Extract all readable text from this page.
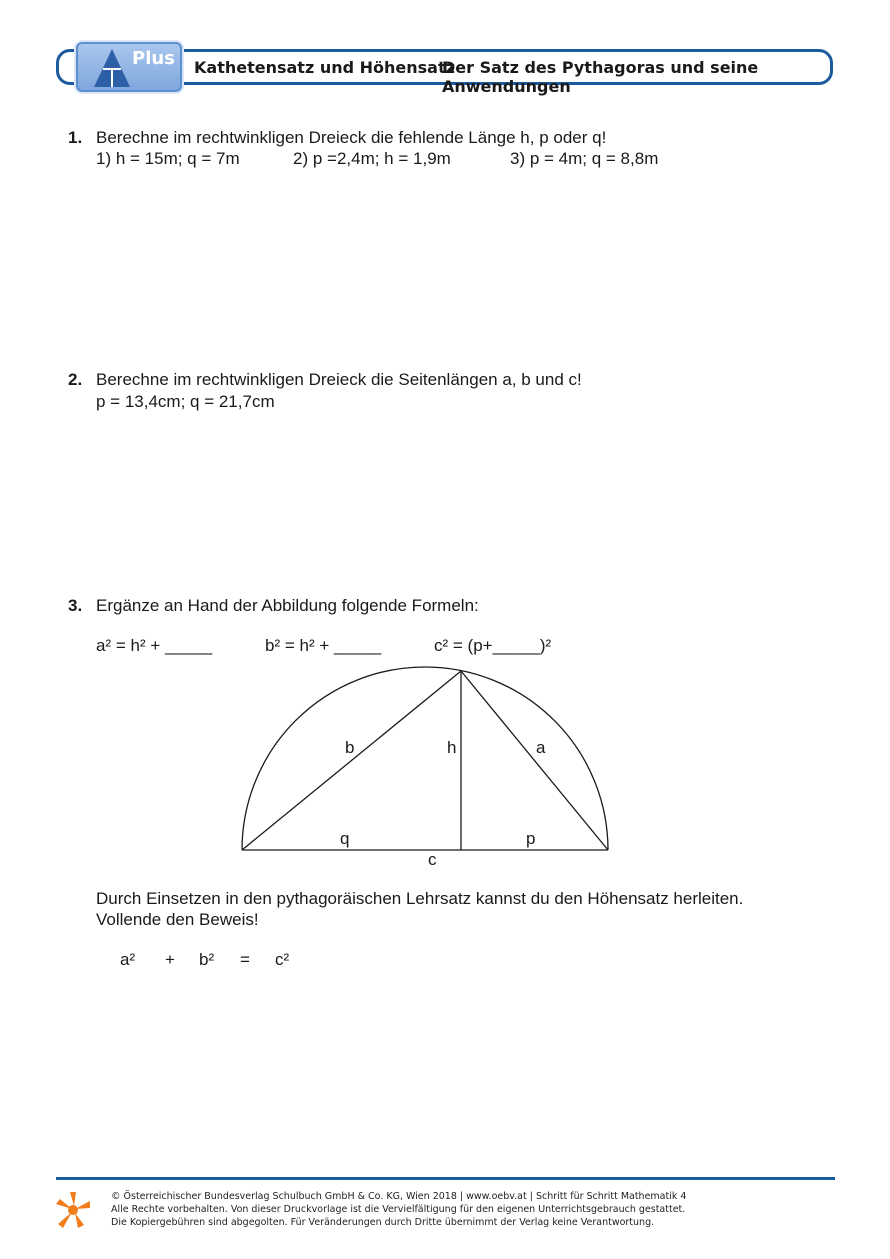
Plus Kathetensatz und Höhensatz
Der Satz des Pythagoras und seine Anwendungen
1. Berechne im rechtwinkligen Dreieck die fehlende Länge h, p oder q!
1) h = 15m; q = 7m	2) p =2,4m; h = 1,9m	3) p = 4m; q = 8,8m
2. Berechne im rechtwinkligen Dreieck die Seitenlängen a, b und c!
p = 13,4cm; q = 21,7cm
3. Ergänze an Hand der Abbildung folgende Formeln:
a² = h² + _____	b² = h² + _____	c² = (p+_____)²
b	h	a
q	p
c
Durch Einsetzen in den pythagoräischen Lehrsatz kannst du den Höhensatz herleiten.
Vollende den Beweis!
a² + b² = c²
© Österreichischer Bundesverlag Schulbuch GmbH & Co. KG, Wien 2018 | www.oebv.at | Schritt für Schritt Mathematik 4
Alle Rechte vorbehalten. Von dieser Druckvorlage ist die Vervielfältigung für den eigenen Unterrichtsgebrauch gestattet.
Die Kopiergebühren sind abgegolten. Für Veränderungen durch Dritte übernimmt der Verlag keine Verantwortung.
